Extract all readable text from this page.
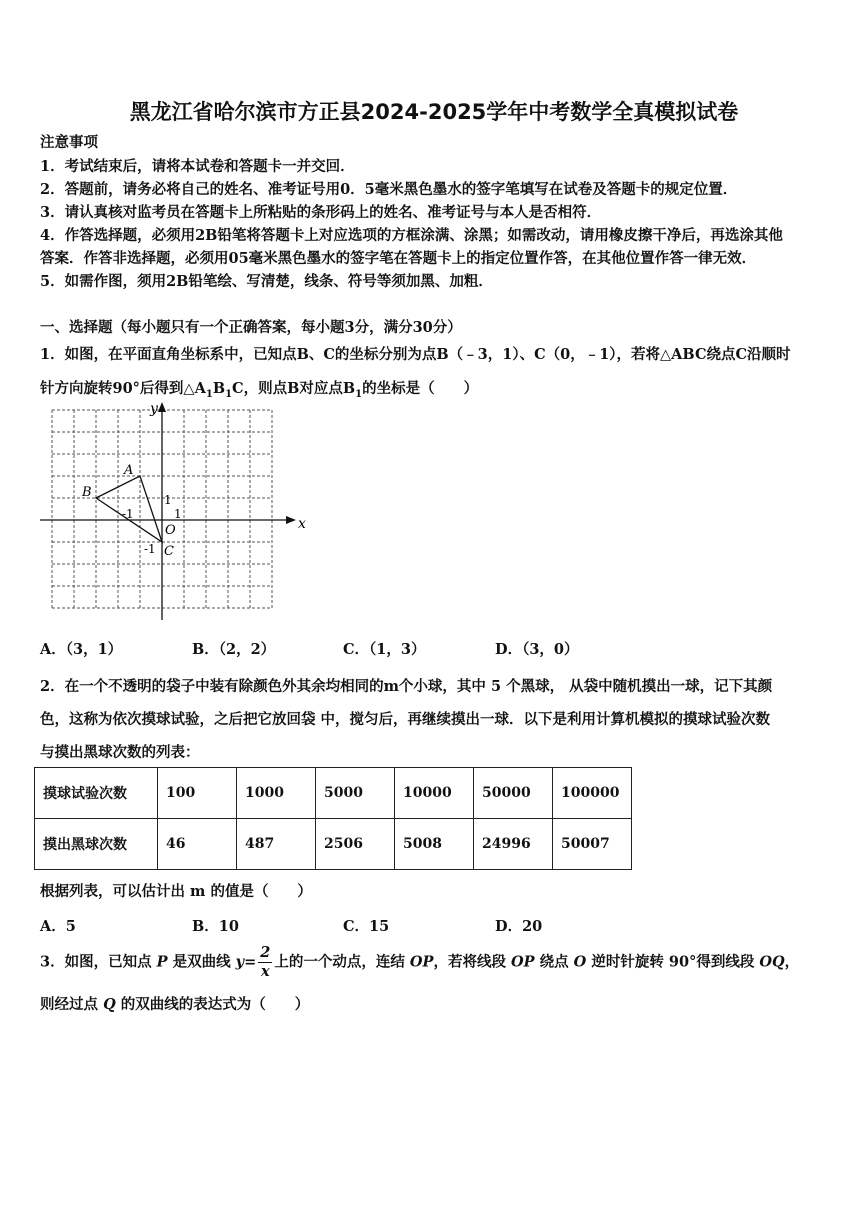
黑龙江省哈尔滨市方正县2024-2025学年中考数学全真模拟试卷
注意事项
1．考试结束后，请将本试卷和答题卡一并交回．
2．答题前，请务必将自己的姓名、准考证号用0．5毫米黑色墨水的签字笔填写在试卷及答题卡的规定位置．
3．请认真核对监考员在答题卡上所粘贴的条形码上的姓名、准考证号与本人是否相符．
4．作答选择题，必须用2B铅笔将答题卡上对应选项的方框涂满、涂黑；如需改动，请用橡皮擦干净后，再选涂其他
答案．作答非选择题，必须用05毫米黑色墨水的签字笔在答题卡上的指定位置作答，在其他位置作答一律无效．
5．如需作图，须用2B铅笔绘、写清楚，线条、符号等须加黑、加粗．
一、选择题（每小题只有一个正确答案，每小题3分，满分30分）
1．如图，在平面直角坐标系中，已知点B、C的坐标分别为点B（﹣3，1）、C（0，﹣1），若将△ABC绕点C沿顺时
针方向旋转90°后得到$\triangle A_1B_1C$，则点B对应点$B_1$的坐标是（　　）
y
x
O
A
B
C
-1	1
1
-1
A．（3，1）	B．（2，2）	C．（1，3）	D．（3，0）
2．在一个不透明的袋子中装有除颜色外其余均相同的m个小球，其中 5 个黑球， 从袋中随机摸出一球，记下其颜
色，这称为依次摸球试验，之后把它放回袋 中，搅匀后，再继续摸出一球．以下是利用计算机模拟的摸球试验次数
与摸出黑球次数的列表：
摸球试验次数	100	1000	5000	10000	50000	100000
摸出黑球次数	46	487	2506	5008	24996	50007
根据列表，可以估计出 m 的值是（　　）
A．5	B．10	C．15	D．20
3．如图，已知点 P 是双曲线 $y= \frac{2}{x}$ 上的一个动点，连结 OP，若将线段 OP 绕点 O 逆时针旋转 90°得到线段 OQ，
则经过点 Q 的双曲线的表达式为（　　）
